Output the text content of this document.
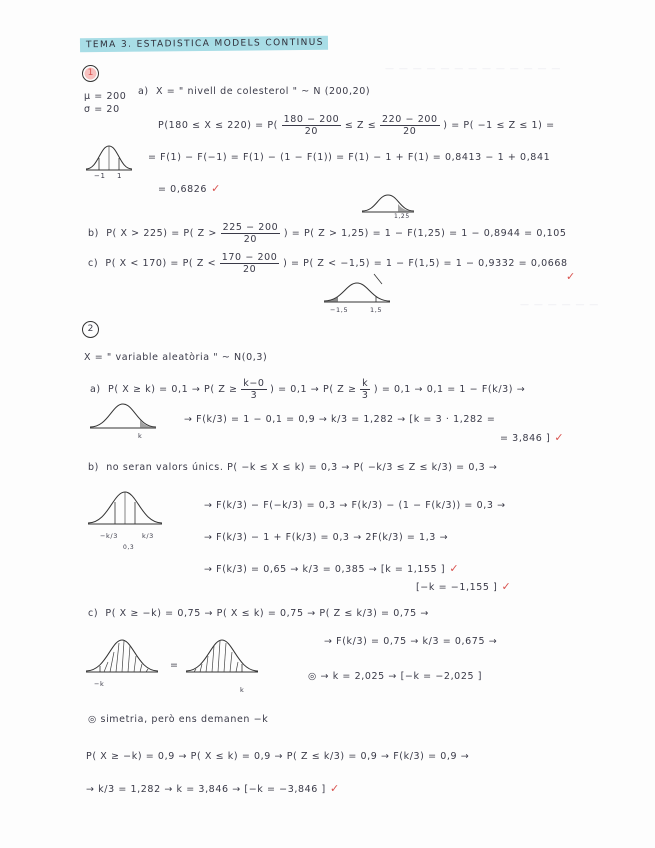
TEMA 3. ESTADISTICA MODELS CONTINUS
— — — — — — — — — — — — —
— — — — — —
1
μ = 200
σ = 20
a) X = " nivell de colesterol " ~ N (200,20)
$P(180 \le X \le 220) = P( \frac{180 - 200}{20} \le Z \le \frac{220 - 200}{20}$ ) = P( −1 ≤ Z ≤ 1) =
−1 1
= F(1) − F(−1) = F(1) − (1 − F(1)) = F(1) − 1 + F(1) = 0,8413 − 1 + 0,841
= 0,6826 ✓
1,25
b) P( X > 225) = P( $Z > \frac{225 - 200}{20}$ ) = P( Z > 1,25) = 1 − F(1,25) = 1 − 0,8944 = 0,105
c) P( X < 170) = P( $Z < \frac{170 - 200}{20}$ ) = P( Z < −1,5) = 1 − F(1,5) = 1 − 0,9332 = 0,0668
✓
−1,5	1,5
2
X = " variable aleatòria " ~ N(0,3)
a) P( X ≥ k) = 0,1 → P( $Z \ge \frac{k-0}{3}$ ) = 0,1 → P( $Z \ge \frac{k}{3}$ ) = 0,1 → 0,1 = 1 − F(k/3) →
k
→ F(k/3) = 1 − 0,1 = 0,9 → k/3 = 1,282 → [k = 3 · 1,282 =
= 3,846 ] ✓
b) no seran valors únics. P( −k ≤ X ≤ k) = 0,3 → P( −k/3 ≤ Z ≤ k/3) = 0,3 →
−k/3	k/3
0,3
→ F(k/3) − F(−k/3) = 0,3 → F(k/3) − (1 − F(k/3)) = 0,3 →
→ F(k/3) − 1 + F(k/3) = 0,3 → 2F(k/3) = 1,3 →
→ F(k/3) = 0,65 → k/3 = 0,385 → [k = 1,155 ] ✓
[−k = −1,155 ] ✓
c) P( X ≥ −k) = 0,75 → P( X ≤ k) = 0,75 → P( Z ≤ k/3) = 0,75 →
→ F(k/3) = 0,75 → k/3 = 0,675 →
−k
=
k
◎ → k = 2,025 → [−k = −2,025 ]
◎ simetria, però ens demanen −k
P( X ≥ −k) = 0,9 → P( X ≤ k) = 0,9 → P( Z ≤ k/3) = 0,9 → F(k/3) = 0,9 →
→ k/3 = 1,282 → k = 3,846 → [−k = −3,846 ] ✓
